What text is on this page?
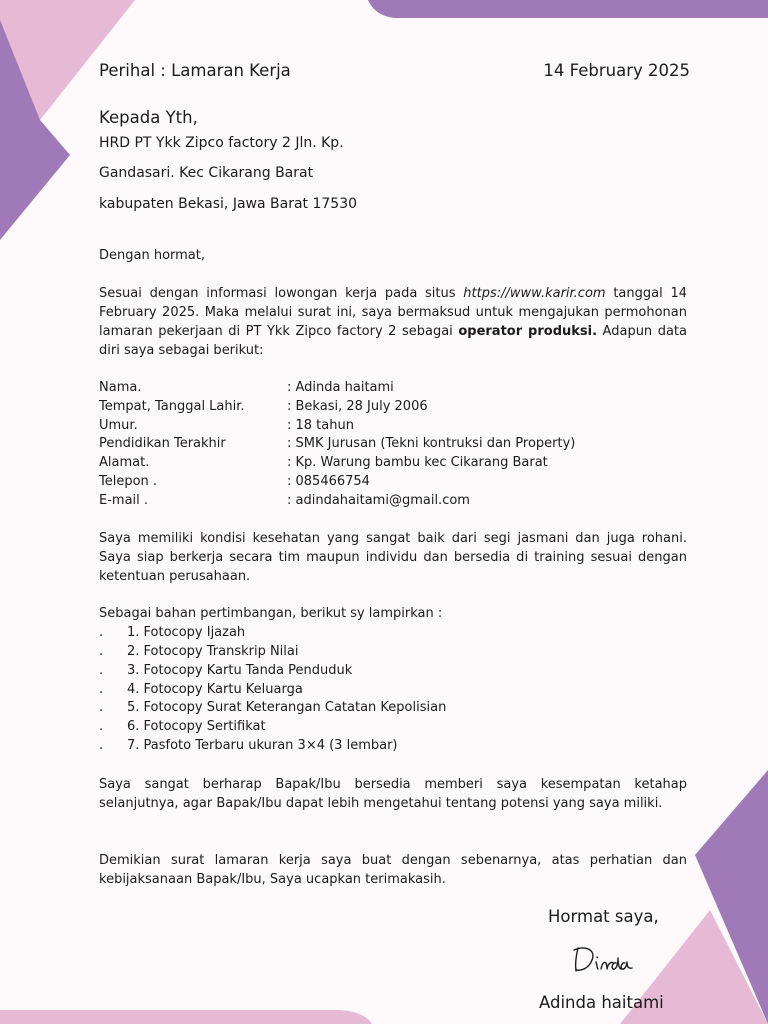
Perihal : Lamaran Kerja	14 February 2025
Kepada Yth,
HRD PT Ykk Zipco factory 2 Jln. Kp.
Gandasari. Kec Cikarang Barat
kabupaten Bekasi, Jawa Barat 17530
Dengan hormat,
Sesuai dengan informasi lowongan kerja pada situs https://www.karir.com tanggal 14 February 2025. Maka melalui surat ini, saya bermaksud untuk mengajukan permohonan lamaran pekerjaan di PT Ykk Zipco factory 2 sebagai operator produksi. Adapun data diri saya sebagai berikut:
Nama.	: Adinda haitami
Tempat, Tanggal Lahir.	: Bekasi, 28 July 2006
Umur.	: 18 tahun
Pendidikan Terakhir	: SMK Jurusan (Tekni kontruksi dan Property)
Alamat.	: Kp. Warung bambu kec Cikarang Barat
Telepon .	: 085466754
E-mail .	: adindahaitami@gmail.com
Saya memiliki kondisi kesehatan yang sangat baik dari segi jasmani dan juga rohani. Saya siap berkerja secara tim maupun individu dan bersedia di training sesuai dengan ketentuan perusahaan.
Sebagai bahan pertimbangan, berikut sy lampirkan :
. 1. Fotocopy Ijazah
. 2. Fotocopy Transkrip Nilai
. 3. Fotocopy Kartu Tanda Penduduk
. 4. Fotocopy Kartu Keluarga
. 5. Fotocopy Surat Keterangan Catatan Kepolisian
. 6. Fotocopy Sertifikat
. 7. Pasfoto Terbaru ukuran 3×4 (3 lembar)
Saya sangat berharap Bapak/Ibu bersedia memberi saya kesempatan ketahap selanjutnya, agar Bapak/Ibu dapat lebih mengetahui tentang potensi yang saya miliki.
Demikian surat lamaran kerja saya buat dengan sebenarnya, atas perhatian dan kebijaksanaan Bapak/Ibu, Saya ucapkan terimakasih.
Hormat saya,
Adinda haitami
